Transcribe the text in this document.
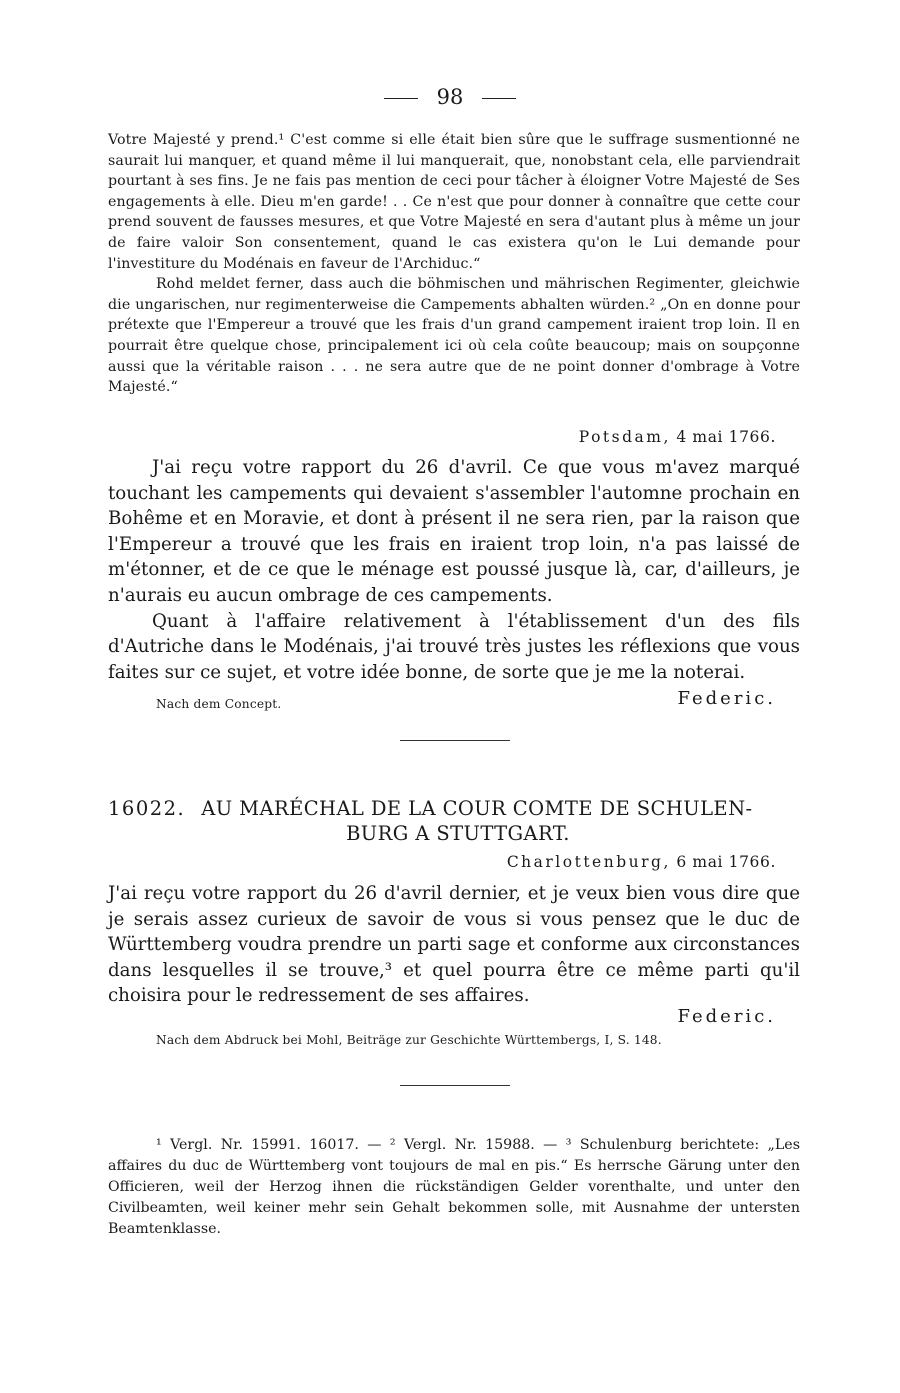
98

Votre Majesté y prend.¹ C'est comme si elle était bien sûre que le suffrage susmentionné ne saurait lui manquer, et quand même il lui manquerait, que, nonobstant cela, elle parviendrait pourtant à ses fins. Je ne fais pas mention de ceci pour tâcher à éloigner Votre Majesté de Ses engagements à elle. Dieu m'en garde! . . Ce n'est que pour donner à connaître que cette cour prend souvent de fausses mesures, et que Votre Majesté en sera d'autant plus à même un jour de faire valoir Son consentement, quand le cas existera qu'on le Lui demande pour l'investiture du Modénais en faveur de l'Archiduc.“

Rohd meldet ferner, dass auch die böhmischen und mährischen Regimenter, gleichwie die ungarischen, nur regimenterweise die Campements abhalten würden.² „On en donne pour prétexte que l'Empereur a trouvé que les frais d'un grand campement iraient trop loin. Il en pourrait être quelque chose, principalement ici où cela coûte beaucoup; mais on soupçonne aussi que la véritable raison . . . ne sera autre que de ne point donner d'ombrage à Votre Majesté.“

Potsdam, 4 mai 1766.

J'ai reçu votre rapport du 26 d'avril. Ce que vous m'avez marqué touchant les campements qui devaient s'assembler l'automne prochain en Bohême et en Moravie, et dont à présent il ne sera rien, par la raison que l'Empereur a trouvé que les frais en iraient trop loin, n'a pas laissé de m'étonner, et de ce que le ménage est poussé jusque là, car, d'ailleurs, je n'aurais eu aucun ombrage de ces campements.

Quant à l'affaire relativement à l'établissement d'un des fils d'Autriche dans le Modénais, j'ai trouvé très justes les réflexions que vous faites sur ce sujet, et votre idée bonne, de sorte que je me la noterai.

Nach dem Concept.	Federic.
16022. AU MARÉCHAL DE LA COUR COMTE DE SCHULEN-
BURG A STUTTGART.
Charlottenburg, 6 mai 1766.

J'ai reçu votre rapport du 26 d'avril dernier, et je veux bien vous dire que je serais assez curieux de savoir de vous si vous pensez que le duc de Württemberg voudra prendre un parti sage et conforme aux circonstances dans lesquelles il se trouve,³ et quel pourra être ce même parti qu'il choisira pour le redressement de ses affaires.

Federic.
Nach dem Abdruck bei Mohl, Beiträge zur Geschichte Württembergs, I, S. 148.

¹ Vergl. Nr. 15991. 16017. — ² Vergl. Nr. 15988. — ³ Schulenburg berichtete: „Les affaires du duc de Württemberg vont toujours de mal en pis.“ Es herrsche Gärung unter den Officieren, weil der Herzog ihnen die rückständigen Gelder vorenthalte, und unter den Civilbeamten, weil keiner mehr sein Gehalt bekommen solle, mit Ausnahme der untersten Beamtenklasse.
